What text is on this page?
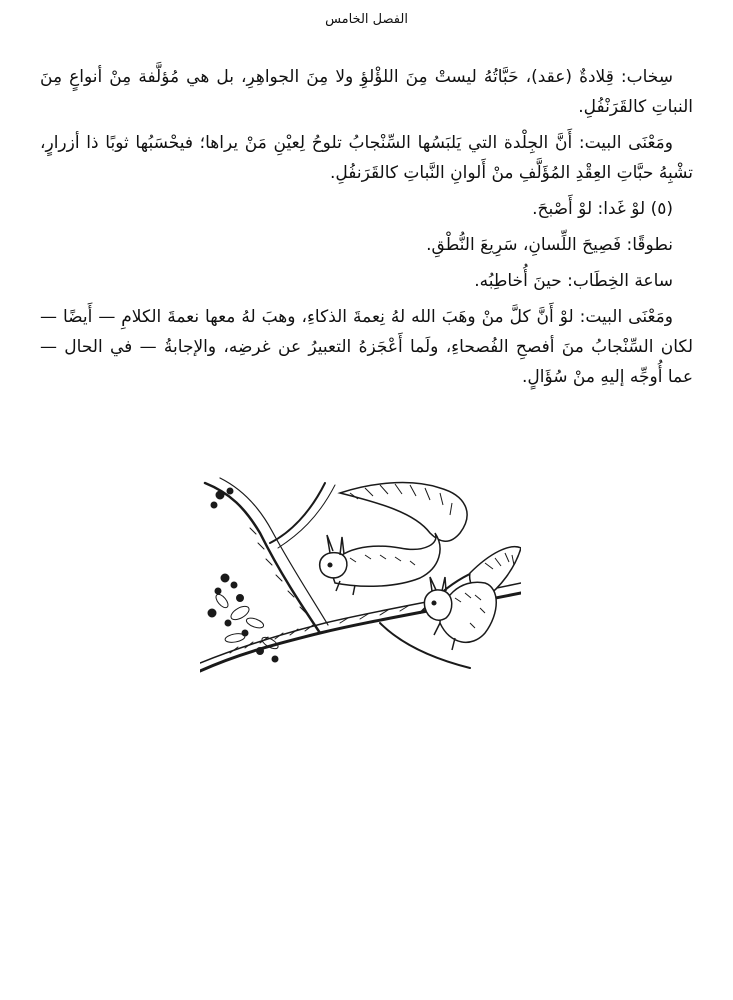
الفصل الخامس

سِخاب: قِلادةٌ (عقد)، حَبَّاتُهُ ليستْ مِنَ اللؤْلؤِ ولا مِنَ الجواهِرِ، بل هي مُؤلَّفة مِنْ أنواعٍ مِنَ النباتِ كالقَرَنْفُلِ.

ومَعْنَى البيت: أَنَّ الجِلْدة التي يَلبَسُها السِّنْجابُ تلوحُ لِعيْنِ مَنْ يراها؛ فيحْسَبُها ثوبًا ذا أزرارٍ، تشْبِهُ حبَّاتِ العِقْدِ المُؤَلَّفِ منْ أَلوانِ النَّباتِ كالقَرَنفُلِ.

(٥) لوْ غَدا: لوْ أَصْبحَ.

نطوقًا: فَصِيحَ اللِّسانِ، سَرِيعَ النُّطْقِ.

ساعة الخِطَاب: حينَ أُخاطِبُه.

ومَعْنَى البيت: لوْ أَنَّ كلَّ منْ وهَبَ الله لهُ نِعمةَ الذكاءِ، وهبَ لهُ معها نعمةَ الكلامِ — أَيضًا — لكان السِّنْجابُ منَ أفصحِ الفُصحاءِ، ولَما أَعْجَزهُ التعبيرُ عن غرضِه، والإجابةُ — في الحال — عما أُوجِّه إليهِ منْ سُؤَالٍ.
